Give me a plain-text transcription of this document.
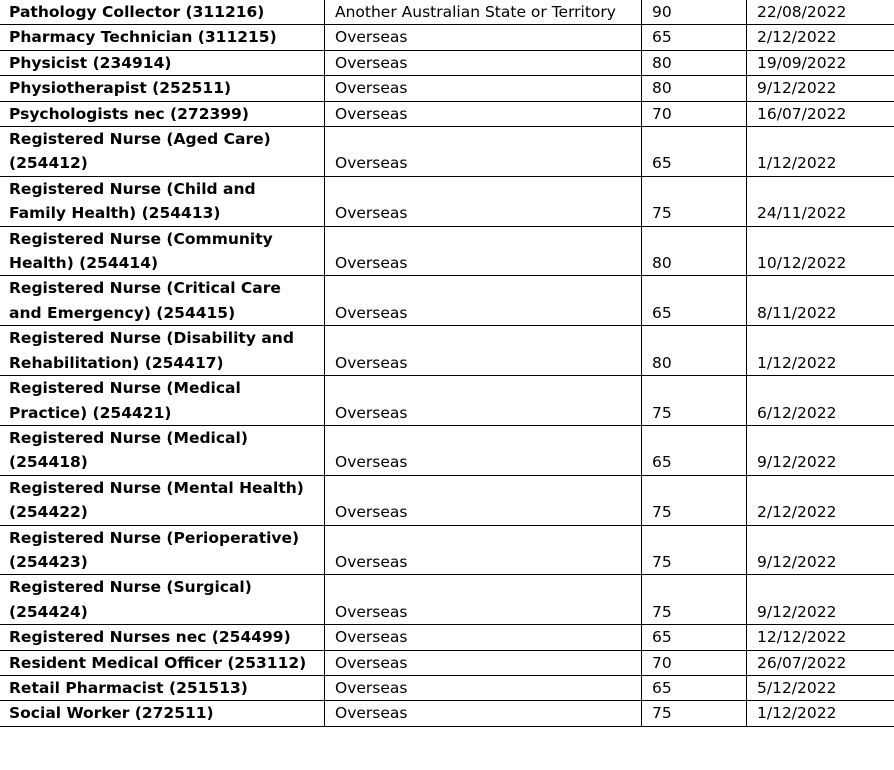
Pathology Collector (311216)	Another Australian State or Territory	90	22/08/2022
Pharmacy Technician (311215)	Overseas	65	2/12/2022
Physicist (234914)	Overseas	80	19/09/2022
Physiotherapist (252511)	Overseas	80	9/12/2022
Psychologists nec (272399)	Overseas	70	16/07/2022
Registered Nurse (Aged Care) (254412)	Overseas	65	1/12/2022
Registered Nurse (Child and Family Health) (254413)	Overseas	75	24/11/2022
Registered Nurse (Community Health) (254414)	Overseas	80	10/12/2022
Registered Nurse (Critical Care and Emergency) (254415)	Overseas	65	8/11/2022
Registered Nurse (Disability and Rehabilitation) (254417)	Overseas	80	1/12/2022
Registered Nurse (Medical Practice) (254421)	Overseas	75	6/12/2022
Registered Nurse (Medical) (254418)	Overseas	65	9/12/2022
Registered Nurse (Mental Health) (254422)	Overseas	75	2/12/2022
Registered Nurse (Perioperative) (254423)	Overseas	75	9/12/2022
Registered Nurse (Surgical) (254424)	Overseas	75	9/12/2022
Registered Nurses nec (254499)	Overseas	65	12/12/2022
Resident Medical Officer (253112)	Overseas	70	26/07/2022
Retail Pharmacist (251513)	Overseas	65	5/12/2022
Social Worker (272511)	Overseas	75	1/12/2022
